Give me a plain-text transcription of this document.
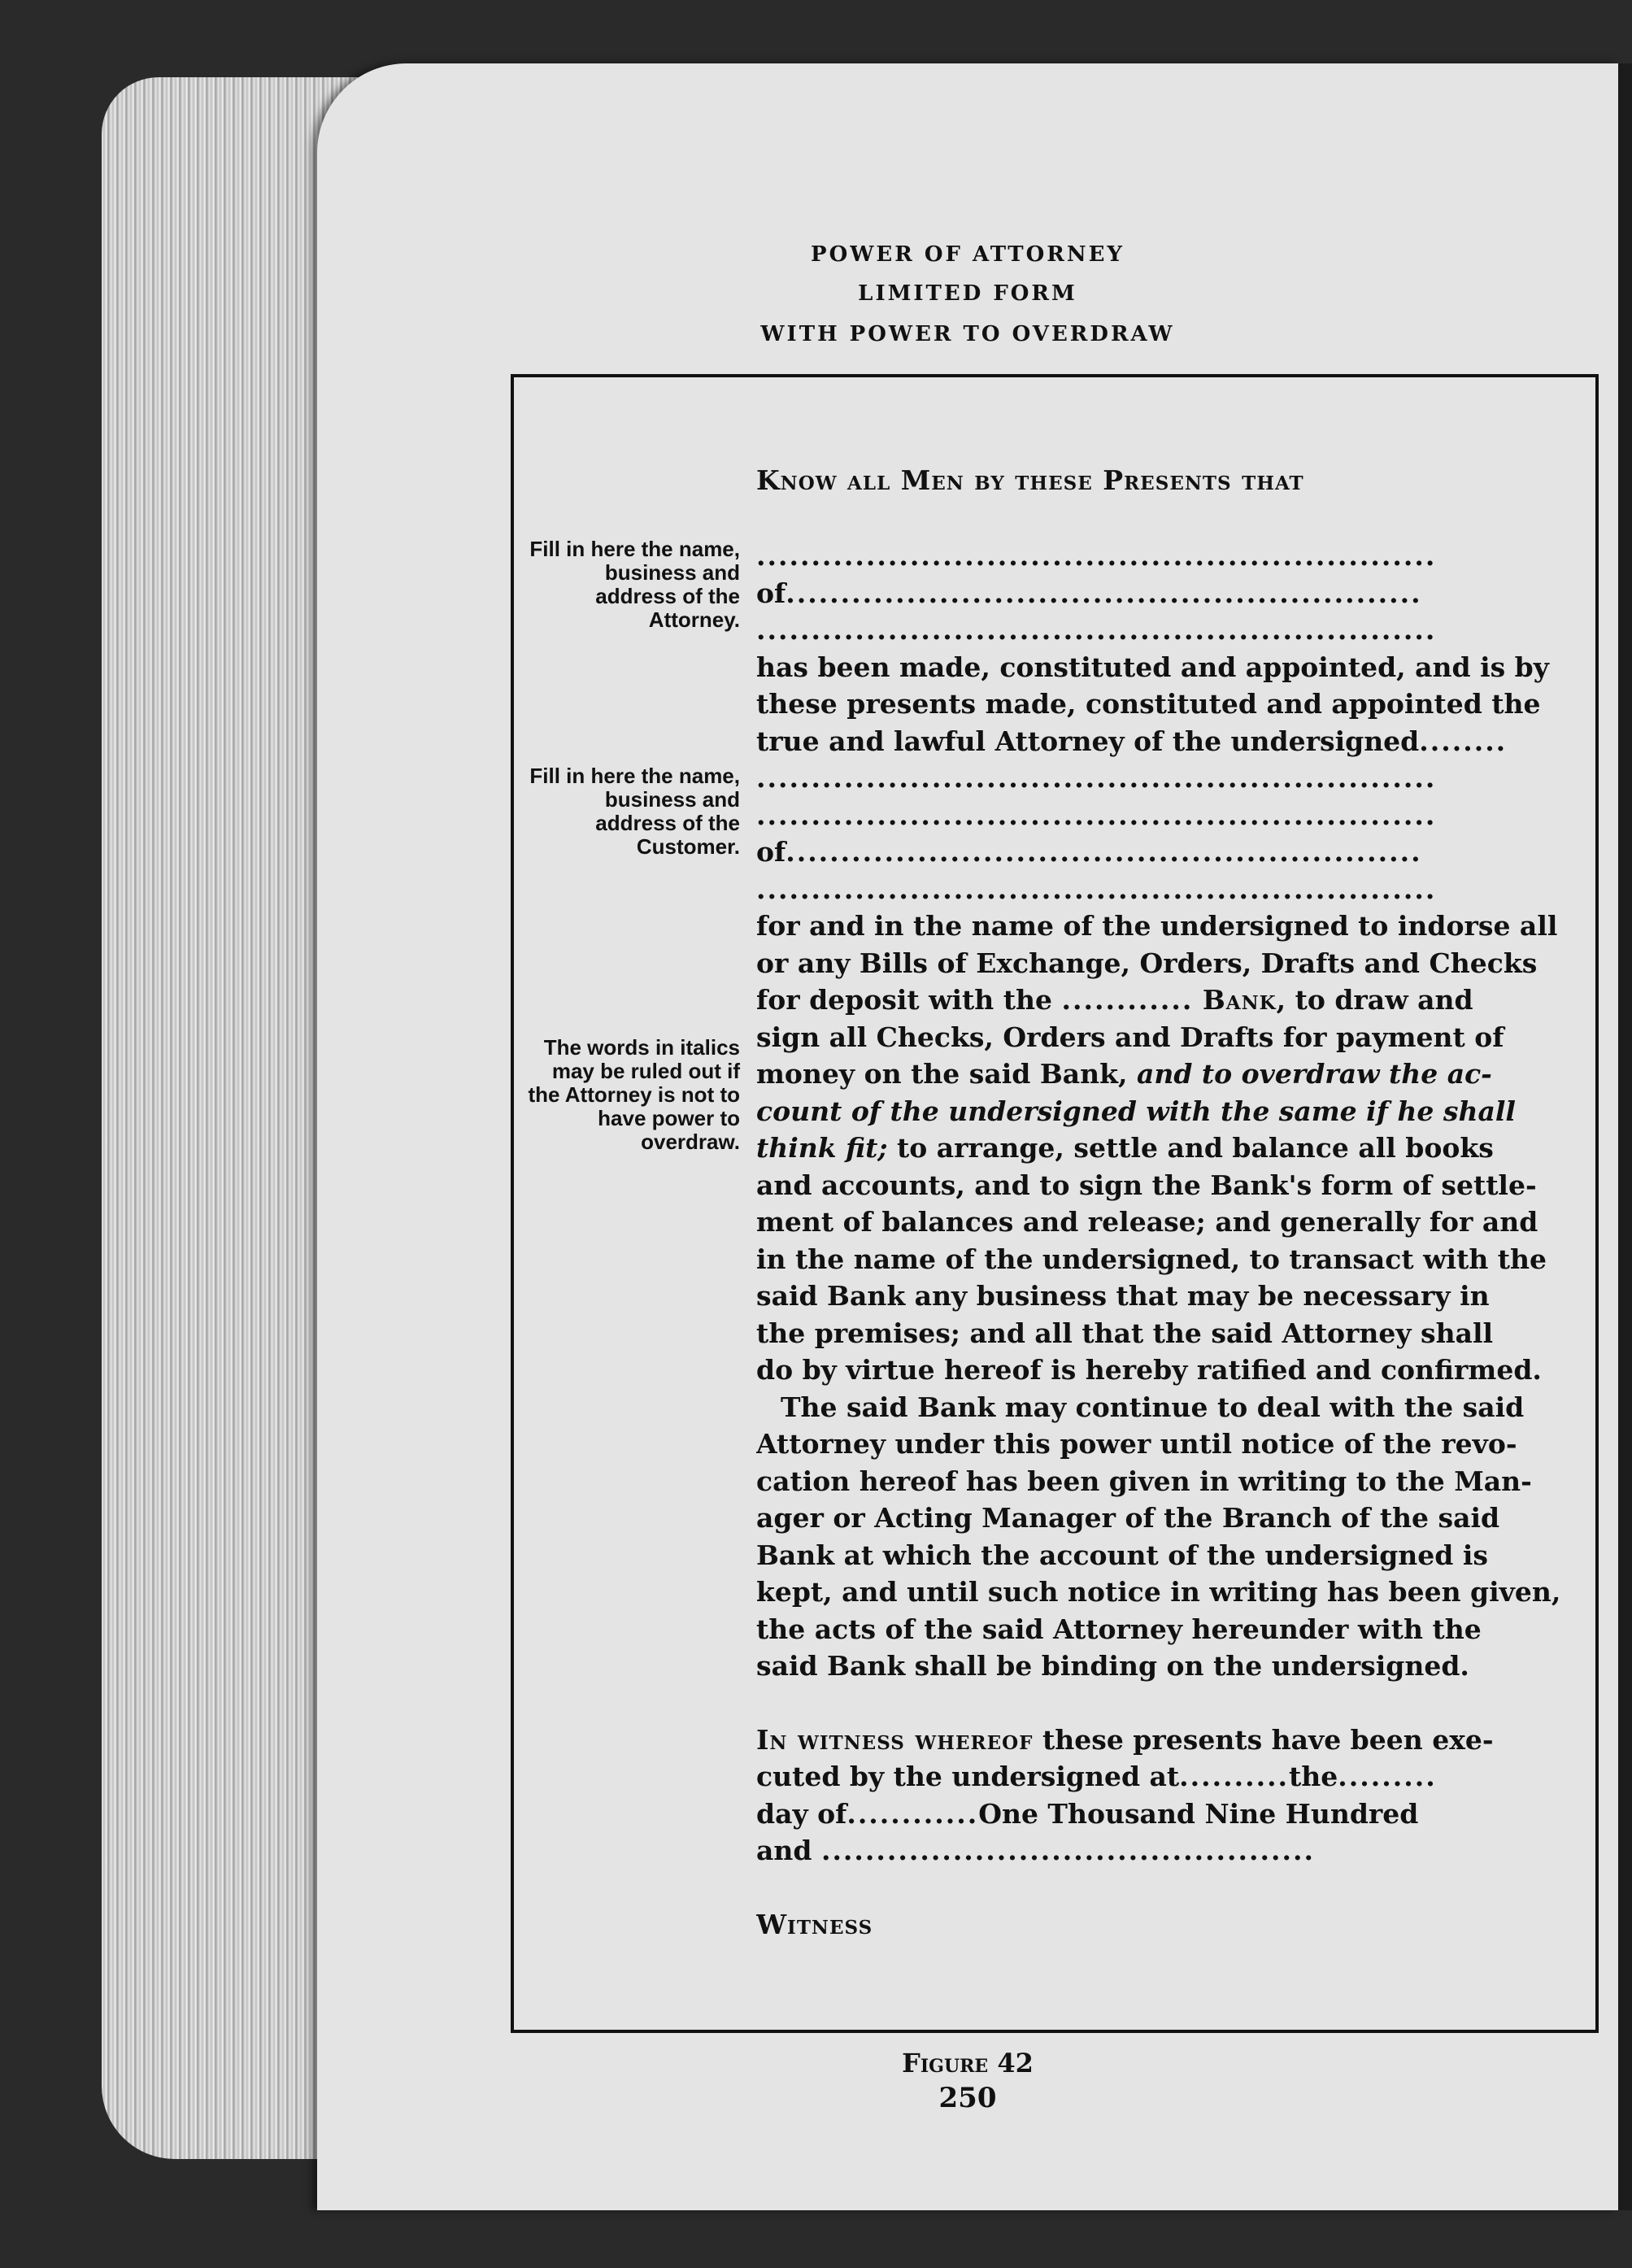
POWER OF ATTORNEY
LIMITED FORM
WITH POWER TO OVERDRAW
Fill in here the name, business and address of the Attorney.
Fill in here the name, business and address of the Customer.
The words in italics may be ruled out if the Attorney is not to have power to overdraw.
Know all Men by these Presents that
..............................................................
of..........................................................
..............................................................
has been made, constituted and appointed, and is by
these presents made, constituted and appointed the
true and lawful Attorney of the undersigned........
..............................................................
..............................................................
of..........................................................
..............................................................
for and in the name of the undersigned to indorse all
or any Bills of Exchange, Orders, Drafts and Checks
for deposit with the ............ Bank, to draw and
sign all Checks, Orders and Drafts for payment of
money on the said Bank, and to overdraw the ac-
count of the undersigned with the same if he shall
think fit; to arrange, settle and balance all books
and accounts, and to sign the Bank's form of settle-
ment of balances and release; and generally for and
in the name of the undersigned, to transact with the
said Bank any business that may be necessary in
the premises; and all that the said Attorney shall
do by virtue hereof is hereby ratified and confirmed.
The said Bank may continue to deal with the said
Attorney under this power until notice of the revo-
cation hereof has been given in writing to the Man-
ager or Acting Manager of the Branch of the said
Bank at which the account of the undersigned is
kept, and until such notice in writing has been given,
the acts of the said Attorney hereunder with the
said Bank shall be binding on the undersigned.
In witness whereof these presents have been exe-
cuted by the undersigned at..........the.........
day of............One Thousand Nine Hundred
and .............................................
Witness
Figure 42
250
